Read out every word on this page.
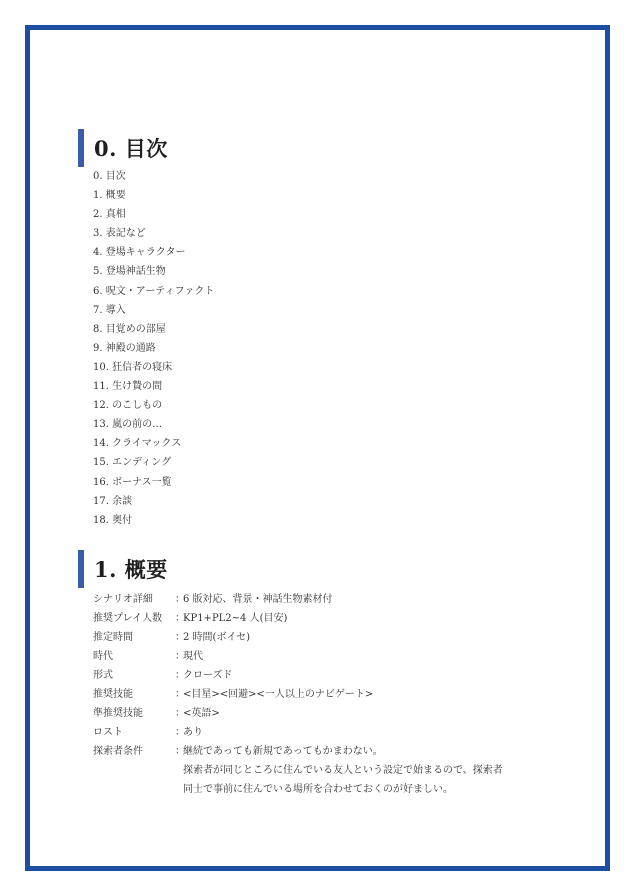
0. 目次
0. 目次
1. 概要
2. 真相
3. 表記など
4. 登場キャラクター
5. 登場神話生物
6. 呪文・アーティファクト
7. 導入
8. 目覚めの部屋
9. 神殿の通路
10. 狂信者の寝床
11. 生け贄の間
12. のこしもの
13. 嵐の前の…
14. クライマックス
15. エンディング
16. ボーナス一覧
17. 余談
18. 奥付
1. 概要
シナリオ詳細	：
6 版対応、背景・神話生物素材付
推奨プレイ人数	：
KP1+PL2~4 人(目安)
推定時間	：
2 時間(ボイセ)
時代	：
現代
形式	：
クローズド
推奨技能	：
<目星><回避><一人以上のナビゲート>
準推奨技能	：
<英語>
ロスト	：
あり
探索者条件	：
継続であっても新規であってもかまわない。
探索者が同じところに住んでいる友人という設定で始まるので、探索者
同士で事前に住んでいる場所を合わせておくのが好ましい。
